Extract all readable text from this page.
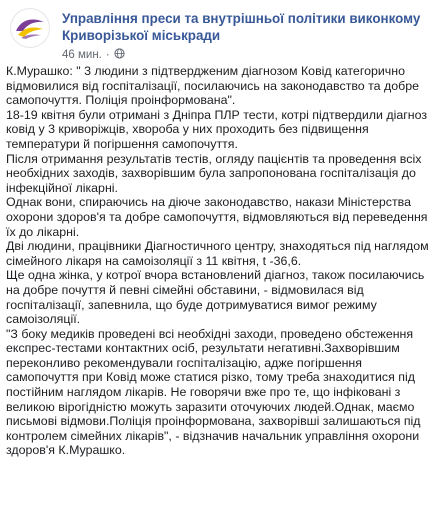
Управління преси та внутрішньої політики виконкому Криворізької міськради
46 мин. ·

К.Мурашко: " 3 людини з підтвердженим діагнозом Ковід категорично відмовилися від госпіталізації, посилаючись на законодавство та добре самопочуття. Поліція проінформована".

18-19 квітня були отримані з Дніпра ПЛР тести, котрі підтвердили діагноз ковід у 3 криворіжців, хвороба у них проходить без підвищення температури й погіршення самопочуття.

Після отримання результатів тестів, огляду пацієнтів та проведення всіх необхідних заходів, захворівшим була запропонована госпіталізація до інфекційної лікарні.

Однак вони, спираючись на діюче законодавство, накази Міністерства охорони здоров'я та добре самопочуття, відмовляються від переведення їх до лікарні.

Дві людини, працівники Діагностичного центру, знаходяться під наглядом сімейного лікаря на самоізоляції з 11 квітня, t -36,6.

Ще одна жінка, у котрої вчора встановлений діагноз, також посилаючись на добре почуття й певні сімейні обставини, - відмовилася від госпіталізації, запевнила, що буде дотримуватися вимог режиму самоізоляції.

"З боку медиків проведені всі необхідні заходи, проведено обстеження експрес-тестами контактних осіб, результати негативні.Захворівшим переконливо рекомендували госпіталізацію, адже погіршення самопочуття при Ковід може статися різко, тому треба знаходитися під постійним наглядом лікарів. Не говорячи вже про те, що інфіковані з великою вірогідністю можуть заразити оточуючих людей.Однак, маємо письмові відмови.Поліція проінформована, захворівші залишаються під контролем сімейних лікарів", - відзначив начальник управління охорони здоров'я К.Мурашко.
